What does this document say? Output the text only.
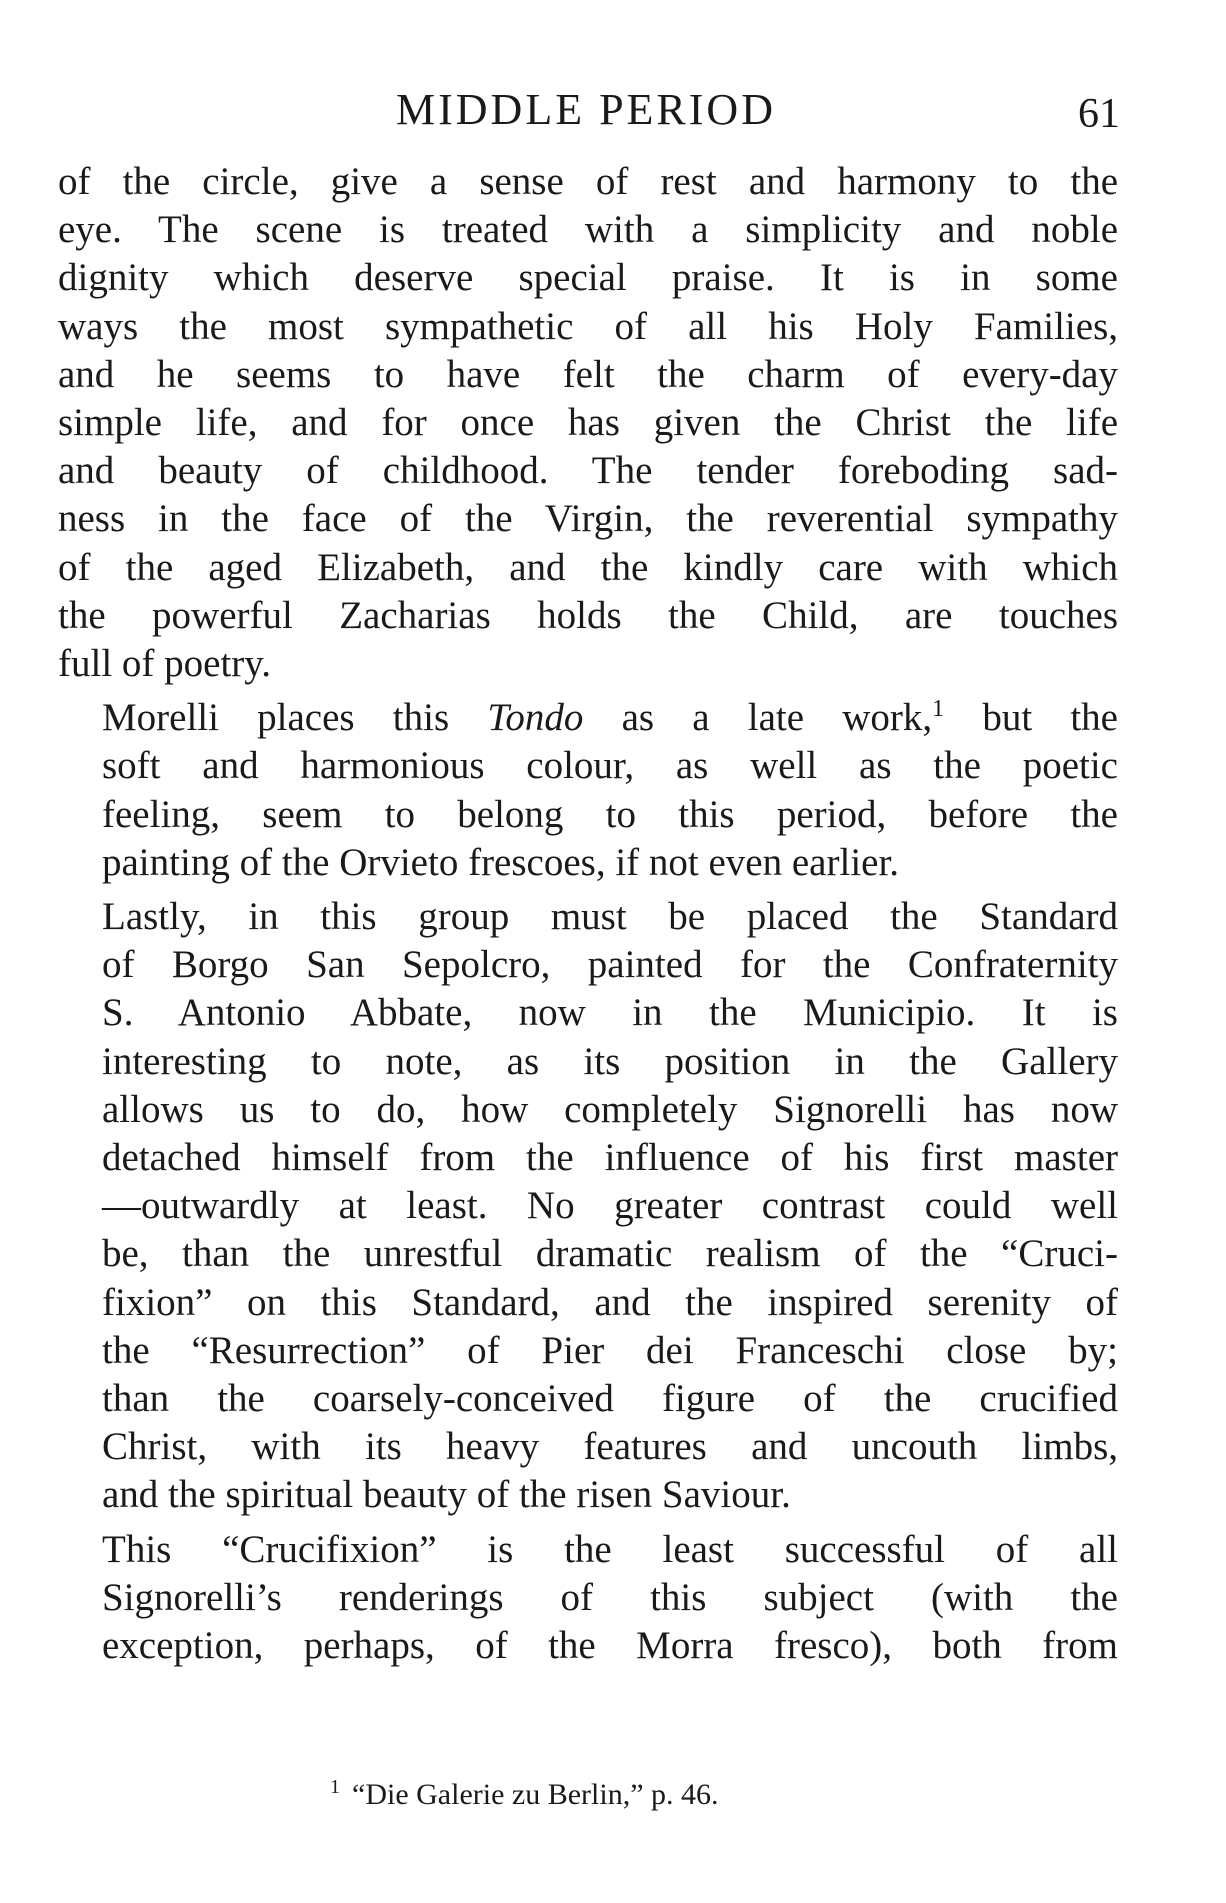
MIDDLE PERIOD	61

of the circle, give a sense of rest and harmony to the
eye. The scene is treated with a simplicity and noble
dignity which deserve special praise. It is in some
ways the most sympathetic of all his Holy Families,
and he seems to have felt the charm of every-day
simple life, and for once has given the Christ the life
and beauty of childhood. The tender foreboding sad-
ness in the face of the Virgin, the reverential sympathy
of the aged Elizabeth, and the kindly care with which
the powerful Zacharias holds the Child, are touches
full of poetry.

Morelli places this Tondo as a late work,$^1$ but the
soft and harmonious colour, as well as the poetic
feeling, seem to belong to this period, before the
painting of the Orvieto frescoes, if not even earlier.

Lastly, in this group must be placed the Standard
of Borgo San Sepolcro, painted for the Confraternity
S. Antonio Abbate, now in the Municipio. It is
interesting to note, as its position in the Gallery
allows us to do, how completely Signorelli has now
detached himself from the influence of his first master
—outwardly at least. No greater contrast could well
be, than the unrestful dramatic realism of the “Cruci-
fixion” on this Standard, and the inspired serenity of
the “Resurrection” of Pier dei Franceschi close by;
than the coarsely-conceived figure of the crucified
Christ, with its heavy features and uncouth limbs,
and the spiritual beauty of the risen Saviour.

This “Crucifixion” is the least successful of all
Signorelli’s renderings of this subject (with the
exception, perhaps, of the Morra fresco), both from

$^1$ “Die Galerie zu Berlin,” p. 46.
